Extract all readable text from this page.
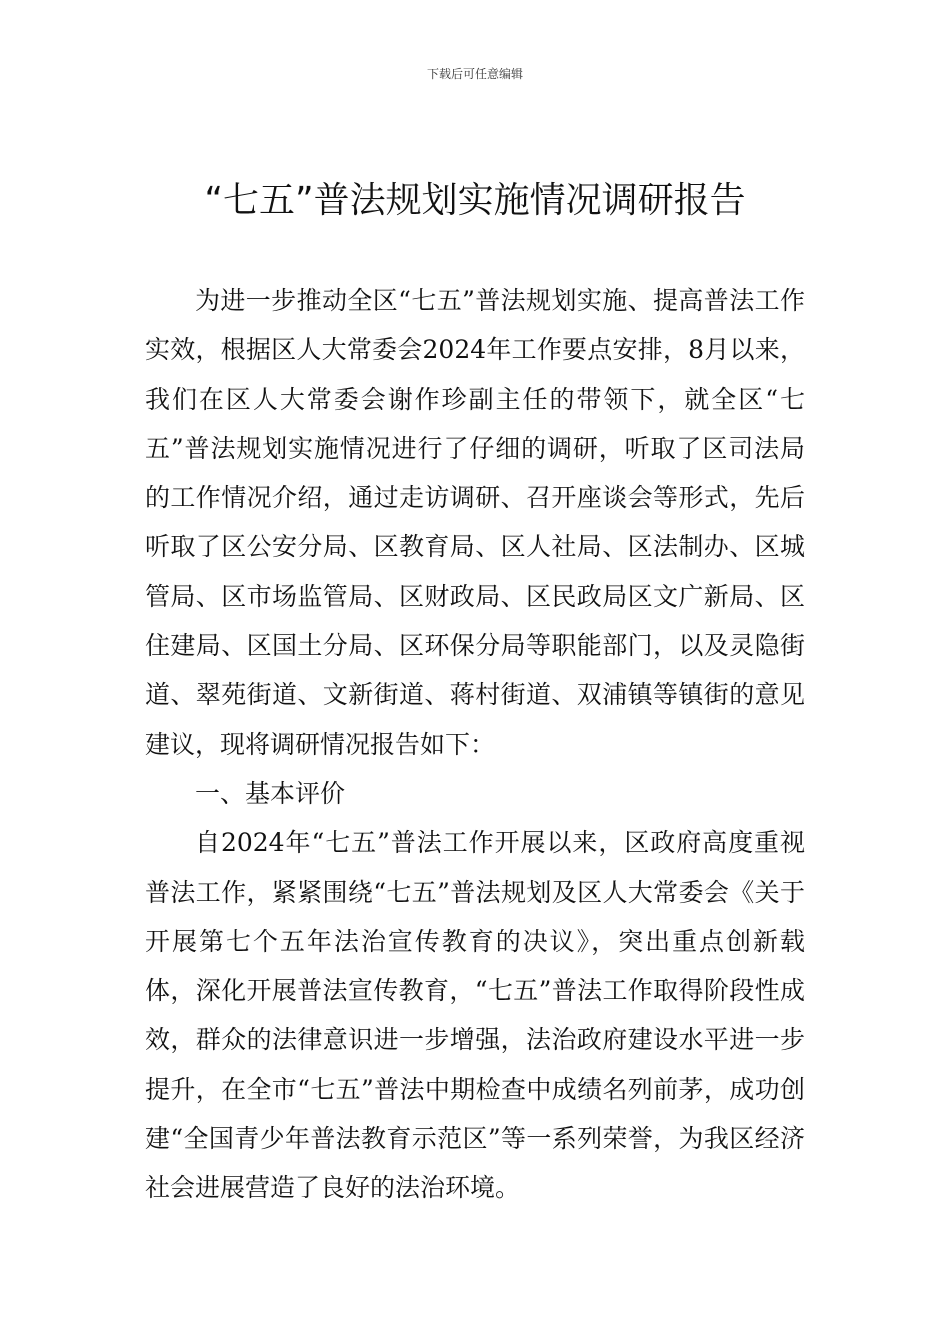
下载后可任意编辑
“七五”普法规划实施情况调研报告

为进一步推动全区“七五”普法规划实施、提高普法工作实效，根据区人大常委会2024年工作要点安排，8月以来，我们在区人大常委会谢作珍副主任的带领下，就全区“七五”普法规划实施情况进行了仔细的调研，听取了区司法局的工作情况介绍，通过走访调研、召开座谈会等形式，先后听取了区公安分局、区教育局、区人社局、区法制办、区城管局、区市场监管局、区财政局、区民政局区文广新局、区住建局、区国土分局、区环保分局等职能部门，以及灵隐街道、翠苑街道、文新街道、蒋村街道、双浦镇等镇街的意见建议，现将调研情况报告如下：

一、基本评价

自2024年“七五”普法工作开展以来，区政府高度重视普法工作，紧紧围绕“七五”普法规划及区人大常委会《关于开展第七个五年法治宣传教育的决议》，突出重点创新载体，深化开展普法宣传教育，“七五”普法工作取得阶段性成效，群众的法律意识进一步增强，法治政府建设水平进一步提升，在全市“七五”普法中期检查中成绩名列前茅，成功创建“全国青少年普法教育示范区”等一系列荣誉，为我区经济社会进展营造了良好的法治环境。
